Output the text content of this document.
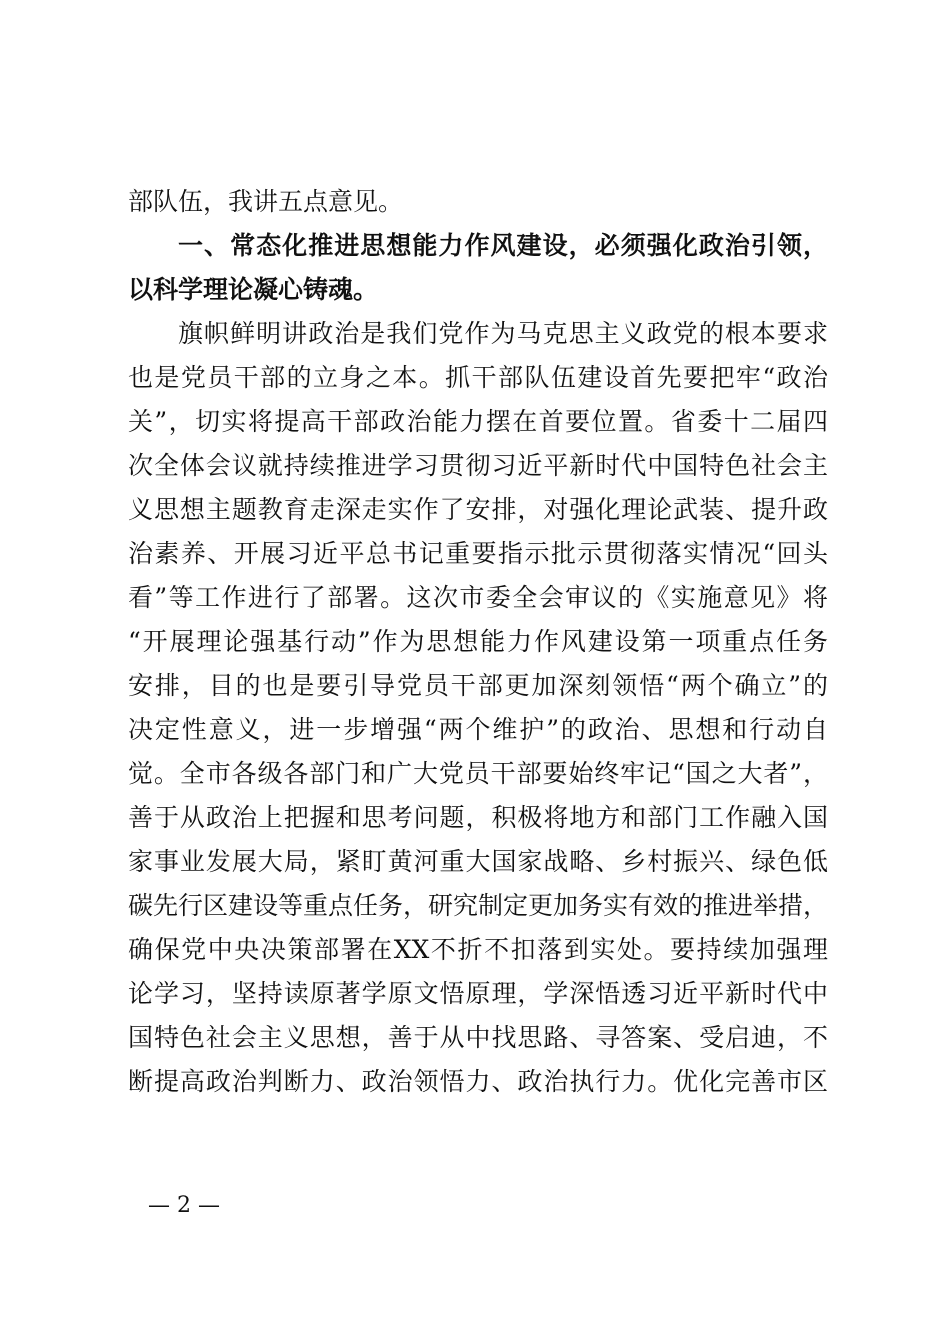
部队伍，我讲五点意见。
一、常态化推进思想能力作风建设，必须强化政治引领，
以科学理论凝心铸魂。
旗帜鲜明讲政治是我们党作为马克思主义政党的根本要求
也是党员干部的立身之本。抓干部队伍建设首先要把牢“政治
关”，切实将提高干部政治能力摆在首要位置。省委十二届四
次全体会议就持续推进学习贯彻习近平新时代中国特色社会主
义思想主题教育走深走实作了安排，对强化理论武装、提升政
治素养、开展习近平总书记重要指示批示贯彻落实情况“回头
看”等工作进行了部署。这次市委全会审议的《实施意见》将
“开展理论强基行动”作为思想能力作风建设第一项重点任务
安排，目的也是要引导党员干部更加深刻领悟“两个确立”的
决定性意义，进一步增强“两个维护”的政治、思想和行动自
觉。全市各级各部门和广大党员干部要始终牢记“国之大者”，
善于从政治上把握和思考问题，积极将地方和部门工作融入国
家事业发展大局，紧盯黄河重大国家战略、乡村振兴、绿色低
碳先行区建设等重点任务，研究制定更加务实有效的推进举措，
确保党中央决策部署在XX不折不扣落到实处。要持续加强理
论学习，坚持读原著学原文悟原理，学深悟透习近平新时代中
国特色社会主义思想，善于从中找思路、寻答案、受启迪，不
断提高政治判断力、政治领悟力、政治执行力。优化完善市区
— 2 —
